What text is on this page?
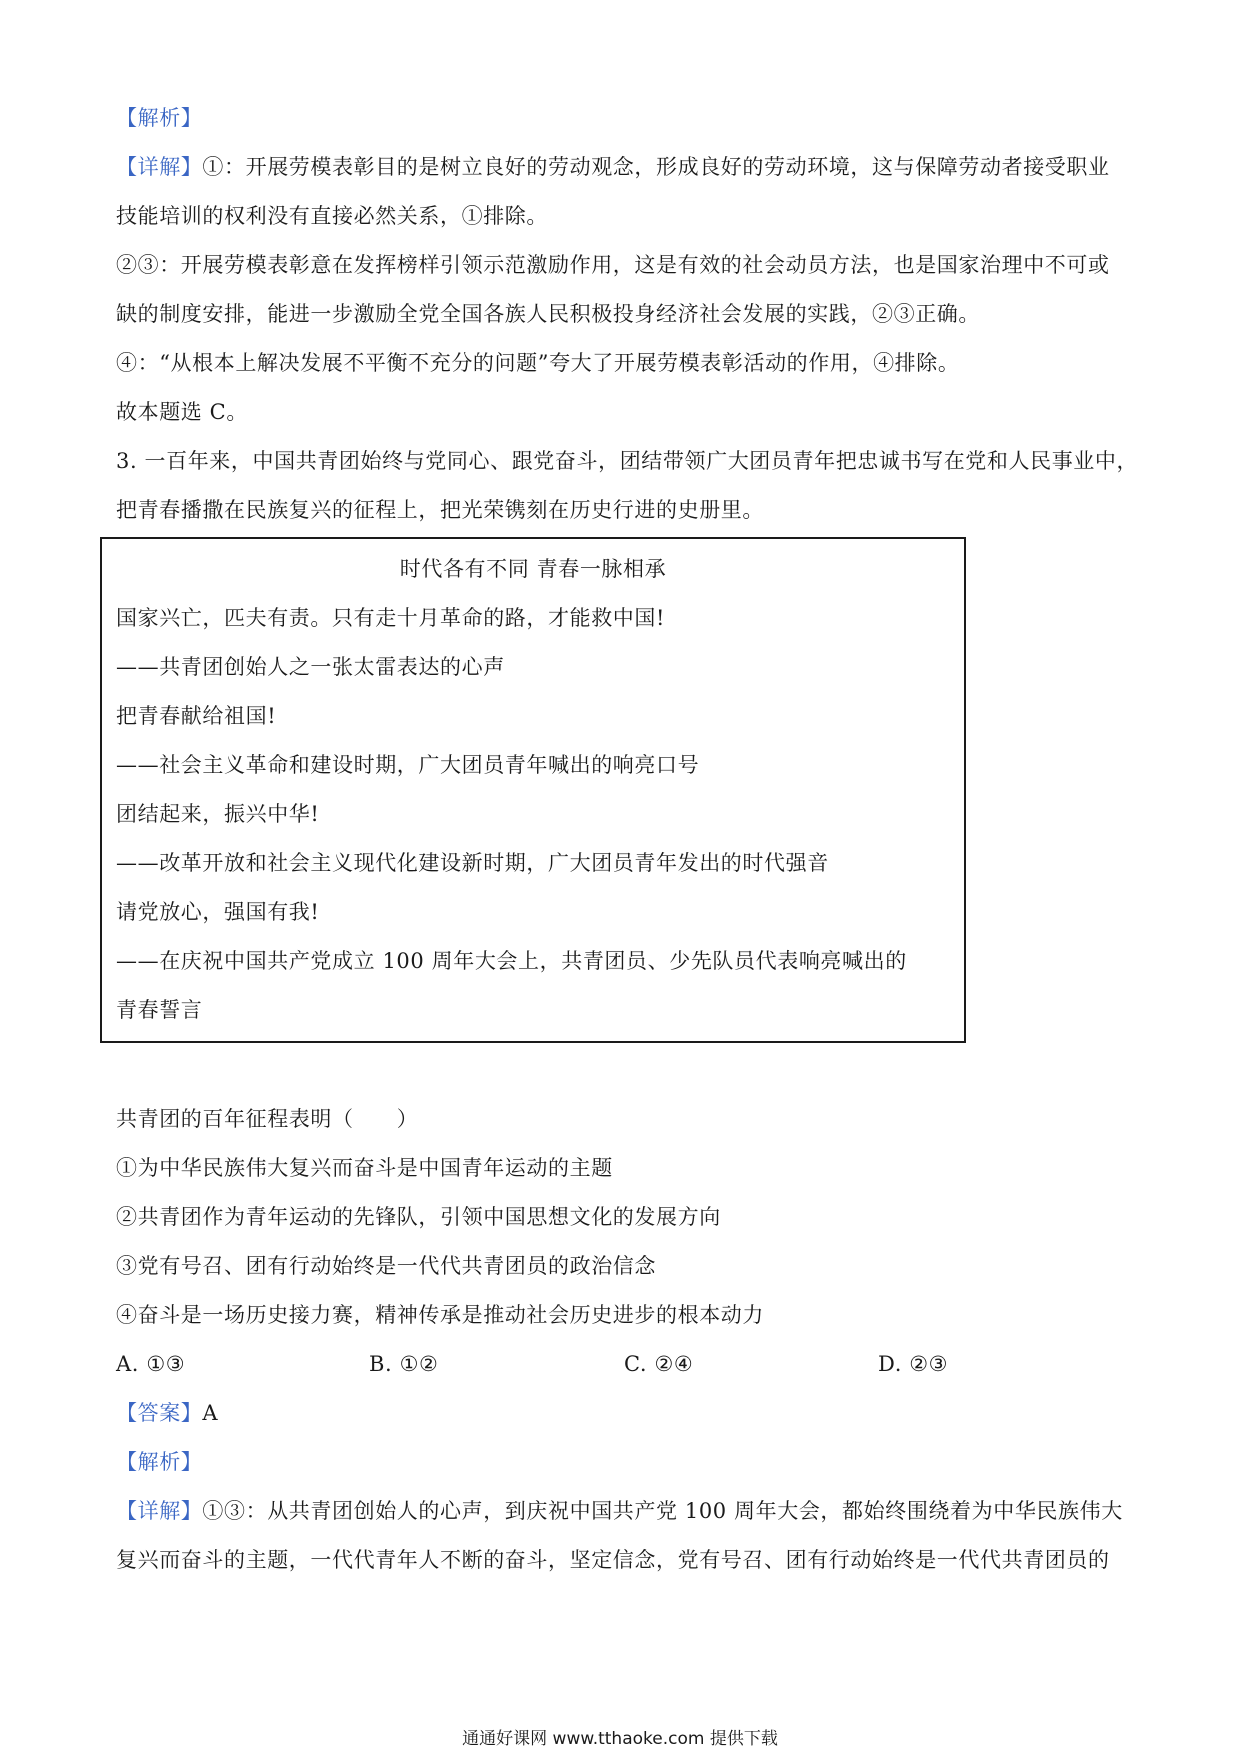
【解析】
【详解】①：开展劳模表彰目的是树立良好的劳动观念，形成良好的劳动环境，这与保障劳动者接受职业
技能培训的权利没有直接必然关系，①排除。
②③：开展劳模表彰意在发挥榜样引领示范激励作用，这是有效的社会动员方法，也是国家治理中不可或
缺的制度安排，能进一步激励全党全国各族人民积极投身经济社会发展的实践，②③正确。
④：“从根本上解决发展不平衡不充分的问题”夸大了开展劳模表彰活动的作用，④排除。
故本题选 C。
3. 一百年来，中国共青团始终与党同心、跟党奋斗，团结带领广大团员青年把忠诚书写在党和人民事业中，
把青春播撒在民族复兴的征程上，把光荣镌刻在历史行进的史册里。
时代各有不同 青春一脉相承
国家兴亡，匹夫有责。只有走十月革命的路，才能救中国!
——共青团创始人之一张太雷表达的心声
把青春献给祖国!
——社会主义革命和建设时期，广大团员青年喊出的响亮口号
团结起来，振兴中华!
——改革开放和社会主义现代化建设新时期，广大团员青年发出的时代强音
请党放心，强国有我!
——在庆祝中国共产党成立 100 周年大会上，共青团员、少先队员代表响亮喊出的
青春誓言
共青团的百年征程表明（　　）
①为中华民族伟大复兴而奋斗是中国青年运动的主题
②共青团作为青年运动的先锋队，引领中国思想文化的发展方向
③党有号召、团有行动始终是一代代共青团员的政治信念
④奋斗是一场历史接力赛，精神传承是推动社会历史进步的根本动力
A. ①③	B. ①②	C. ②④	D. ②③
【答案】A
【解析】
【详解】①③：从共青团创始人的心声，到庆祝中国共产党 100 周年大会，都始终围绕着为中华民族伟大
复兴而奋斗的主题，一代代青年人不断的奋斗，坚定信念，党有号召、团有行动始终是一代代共青团员的
通通好课网 www.tthaoke.com 提供下载
